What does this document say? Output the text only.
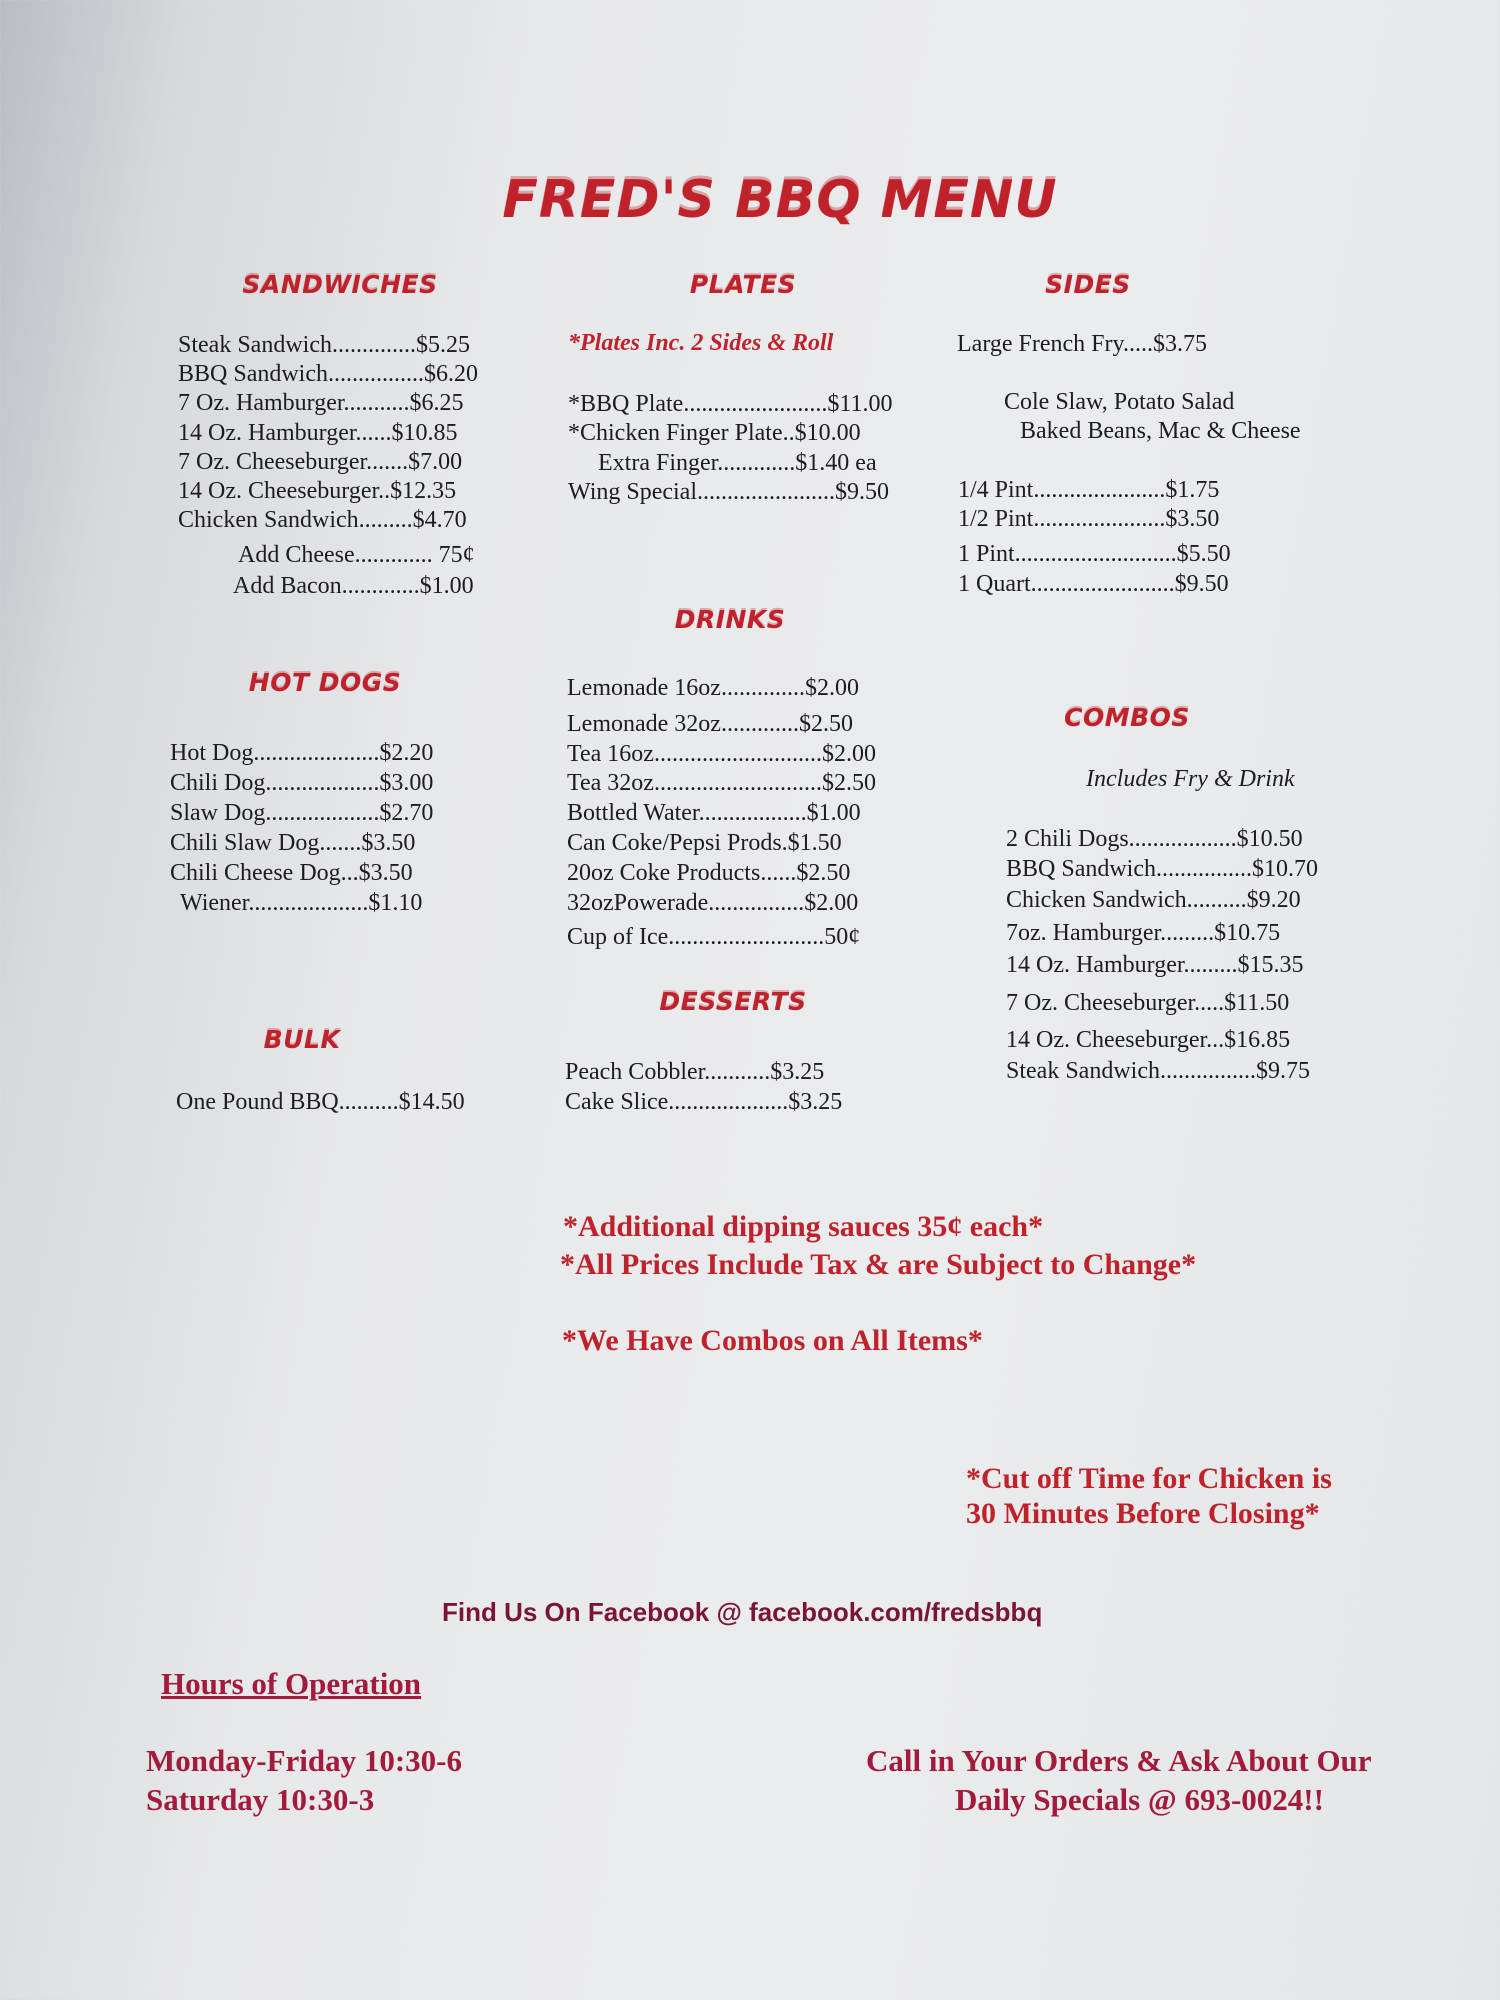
FRED'S BBQ MENU
SANDWICHES
Steak Sandwich..............$5.25
BBQ Sandwich................$6.20
7 Oz. Hamburger...........$6.25
14 Oz. Hamburger......$10.85
7 Oz. Cheeseburger.......$7.00
14 Oz. Cheeseburger..$12.35
Chicken Sandwich.........$4.70
Add Cheese............. 75¢
Add Bacon.............$1.00
HOT DOGS
Hot Dog.....................$2.20
Chili Dog...................$3.00
Slaw Dog...................$2.70
Chili Slaw Dog.......$3.50
Chili Cheese Dog...$3.50
Wiener....................$1.10
BULK
One Pound BBQ..........$14.50
PLATES
*Plates Inc. 2 Sides & Roll
*BBQ Plate........................$11.00
*Chicken Finger Plate..$10.00
Extra Finger.............$1.40 ea
Wing Special.......................$9.50
DRINKS
Lemonade 16oz..............$2.00
Lemonade 32oz.............$2.50
Tea 16oz............................$2.00
Tea 32oz............................$2.50
Bottled Water..................$1.00
Can Coke/Pepsi Prods.$1.50
20oz Coke Products......$2.50
32ozPowerade................$2.00
Cup of Ice..........................50¢
DESSERTS
Peach Cobbler...........$3.25
Cake Slice....................$3.25
SIDES
Large French Fry.....$3.75
Cole Slaw, Potato Salad
Baked Beans, Mac & Cheese
1/4 Pint......................$1.75
1/2 Pint......................$3.50
1 Pint...........................$5.50
1 Quart........................$9.50
COMBOS
Includes Fry & Drink
2 Chili Dogs..................$10.50
BBQ Sandwich................$10.70
Chicken Sandwich..........$9.20
7oz. Hamburger.........$10.75
14 Oz. Hamburger.........$15.35
7 Oz. Cheeseburger.....$11.50
14 Oz. Cheeseburger...$16.85
Steak Sandwich................$9.75
*Additional dipping sauces 35¢ each*
*All Prices Include Tax & are Subject to Change*
*We Have Combos on All Items*
*Cut off Time for Chicken is
30 Minutes Before Closing*
Find Us On Facebook @ facebook.com/fredsbbq
Hours of Operation
Monday-Friday 10:30-6
Saturday 10:30-3
Call in Your Orders & Ask About Our
Daily Specials @ 693-0024!!
